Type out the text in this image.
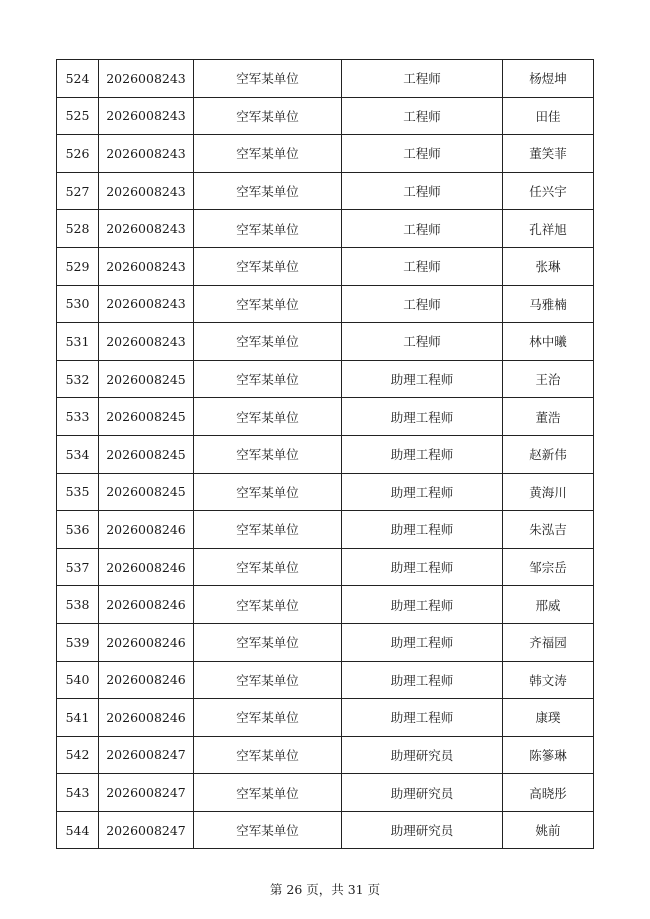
524	2026008243	空军某单位	工程师	杨煜坤
525	2026008243	空军某单位	工程师	田佳
526	2026008243	空军某单位	工程师	董笑菲
527	2026008243	空军某单位	工程师	任兴宇
528	2026008243	空军某单位	工程师	孔祥旭
529	2026008243	空军某单位	工程师	张琳
530	2026008243	空军某单位	工程师	马雅楠
531	2026008243	空军某单位	工程师	林中曦
532	2026008245	空军某单位	助理工程师	王治
533	2026008245	空军某单位	助理工程师	董浩
534	2026008245	空军某单位	助理工程师	赵新伟
535	2026008245	空军某单位	助理工程师	黄海川
536	2026008246	空军某单位	助理工程师	朱泓吉
537	2026008246	空军某单位	助理工程师	邹宗岳
538	2026008246	空军某单位	助理工程师	邢威
539	2026008246	空军某单位	助理工程师	齐福园
540	2026008246	空军某单位	助理工程师	韩文涛
541	2026008246	空军某单位	助理工程师	康璞
542	2026008247	空军某单位	助理研究员	陈篸琳
543	2026008247	空军某单位	助理研究员	高晓彤
544	2026008247	空军某单位	助理研究员	姚前
第 26 页，共 31 页
